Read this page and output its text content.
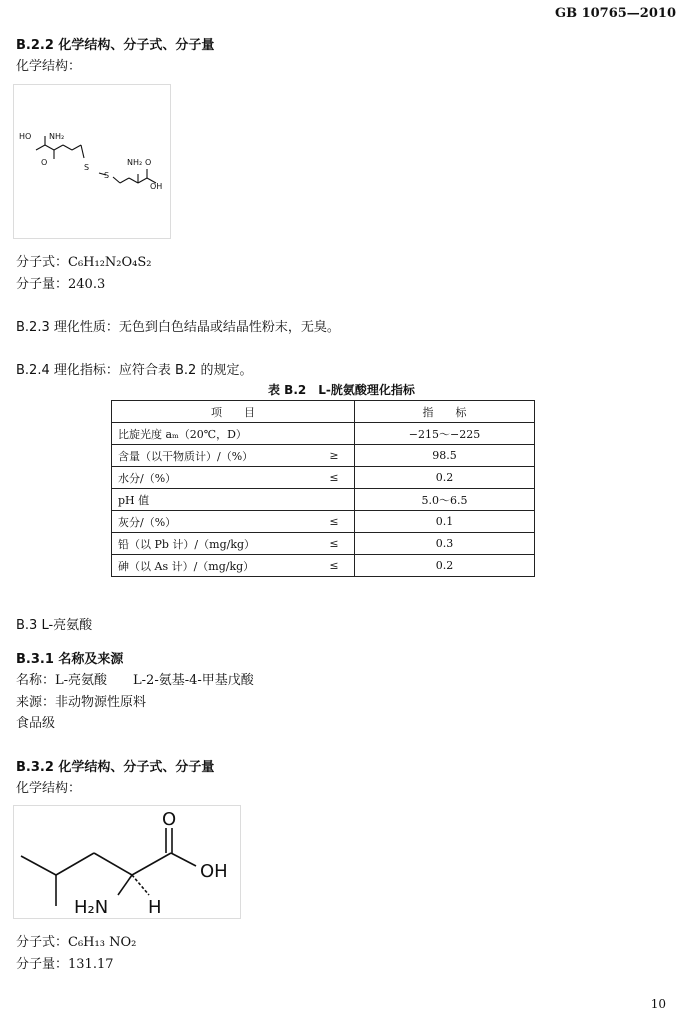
GB 10765—2010
B.2.2 化学结构、分子式、分子量
化学结构：
HO NH₂
O
S
S
NH₂ O
OH
分子式：C₆H₁₂N₂O₄S₂
分子量：240.3
B.2.3 理化性质：无色到白色结晶或结晶性粉末，无臭。
B.2.4 理化指标：应符合表 B.2 的规定。
表 B.2　L-胱氨酸理化指标
项　　目		指　　标
比旋光度 aₘ（20℃，D）		−215～−225
含量（以干物质计）/（%）	≥	98.5
水分/（%）	≤	0.2
pH 值		5.0～6.5
灰分/（%）	≤	0.1
铅（以 Pb 计）/（mg/kg）	≤	0.3
砷（以 As 计）/（mg/kg）	≤	0.2
B.3 L-亮氨酸
B.3.1 名称及来源
名称：L-亮氨酸　　L-2-氨基-4-甲基戊酸
来源：非动物源性原料
食品级
B.3.2 化学结构、分子式、分子量
化学结构：
O
OH
H₂N H
分子式：C₆H₁₃ NO₂
分子量：131.17
10
